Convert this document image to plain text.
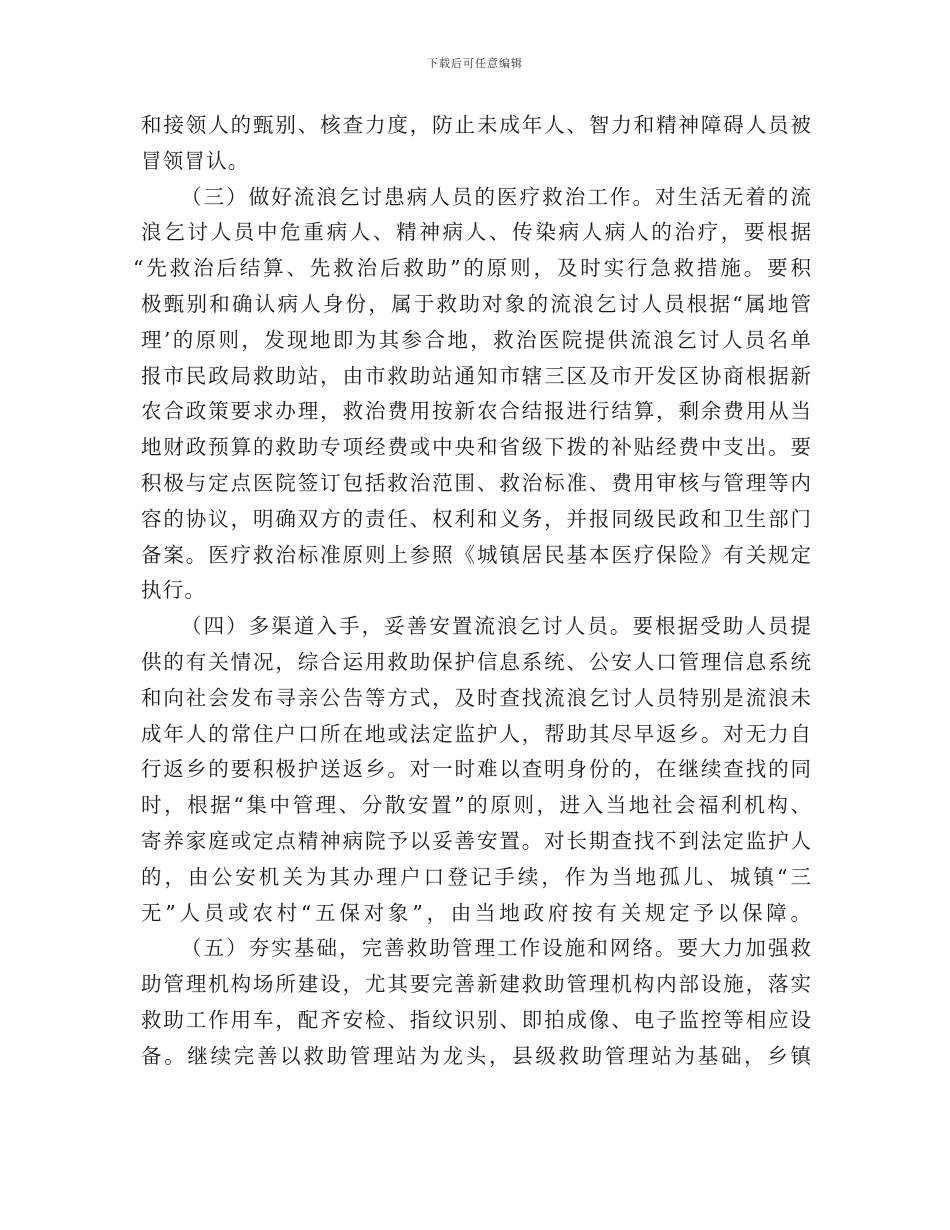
下载后可任意编辑
和接领人的甄别、核查力度，防止未成年人、智力和精神障碍人员被
冒领冒认。
（三）做好流浪乞讨患病人员的医疗救治工作。对生活无着的流
浪乞讨人员中危重病人、精神病人、传染病人病人的治疗，要根据
“先救治后结算、先救治后救助”的原则，及时实行急救措施。要积
极甄别和确认病人身份，属于救助对象的流浪乞讨人员根据“属地管
理’的原则，发现地即为其参合地，救治医院提供流浪乞讨人员名单
报市民政局救助站，由市救助站通知市辖三区及市开发区协商根据新
农合政策要求办理，救治费用按新农合结报进行结算，剩余费用从当
地财政预算的救助专项经费或中央和省级下拨的补贴经费中支出。要
积极与定点医院签订包括救治范围、救治标准、费用审核与管理等内
容的协议，明确双方的责任、权利和义务，并报同级民政和卫生部门
备案。医疗救治标准原则上参照《城镇居民基本医疗保险》有关规定
执行。
（四）多渠道入手，妥善安置流浪乞讨人员。要根据受助人员提
供的有关情况，综合运用救助保护信息系统、公安人口管理信息系统
和向社会发布寻亲公告等方式，及时查找流浪乞讨人员特别是流浪未
成年人的常住户口所在地或法定监护人，帮助其尽早返乡。对无力自
行返乡的要积极护送返乡。对一时难以查明身份的，在继续查找的同
时，根据“集中管理、分散安置”的原则，进入当地社会福利机构、
寄养家庭或定点精神病院予以妥善安置。对长期查找不到法定监护人
的，由公安机关为其办理户口登记手续，作为当地孤儿、城镇“三
无”人员或农村“五保对象”，由当地政府按有关规定予以保障。
（五）夯实基础，完善救助管理工作设施和网络。要大力加强救
助管理机构场所建设，尤其要完善新建救助管理机构内部设施，落实
救助工作用车，配齐安检、指纹识别、即拍成像、电子监控等相应设
备。继续完善以救助管理站为龙头，县级救助管理站为基础，乡镇
